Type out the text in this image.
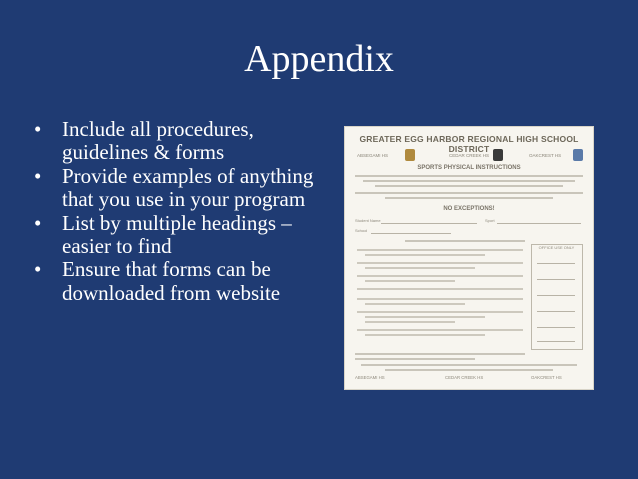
Appendix
• Include all procedures, guidelines & forms
• Provide examples of anything that you use in your program
• List by multiple headings – easier to find
• Ensure that forms can be downloaded from website
GREATER EGG HARBOR REGIONAL HIGH SCHOOL DISTRICT
ABSEGAMI HS	CEDAR CREEK HS	OAKCREST HS
SPORTS PHYSICAL INSTRUCTIONS
NO EXCEPTIONS!
Student Name	Sport
School
OFFICE USE ONLY
ABSEGAMI HS	CEDAR CREEK HS	OAKCREST HS
